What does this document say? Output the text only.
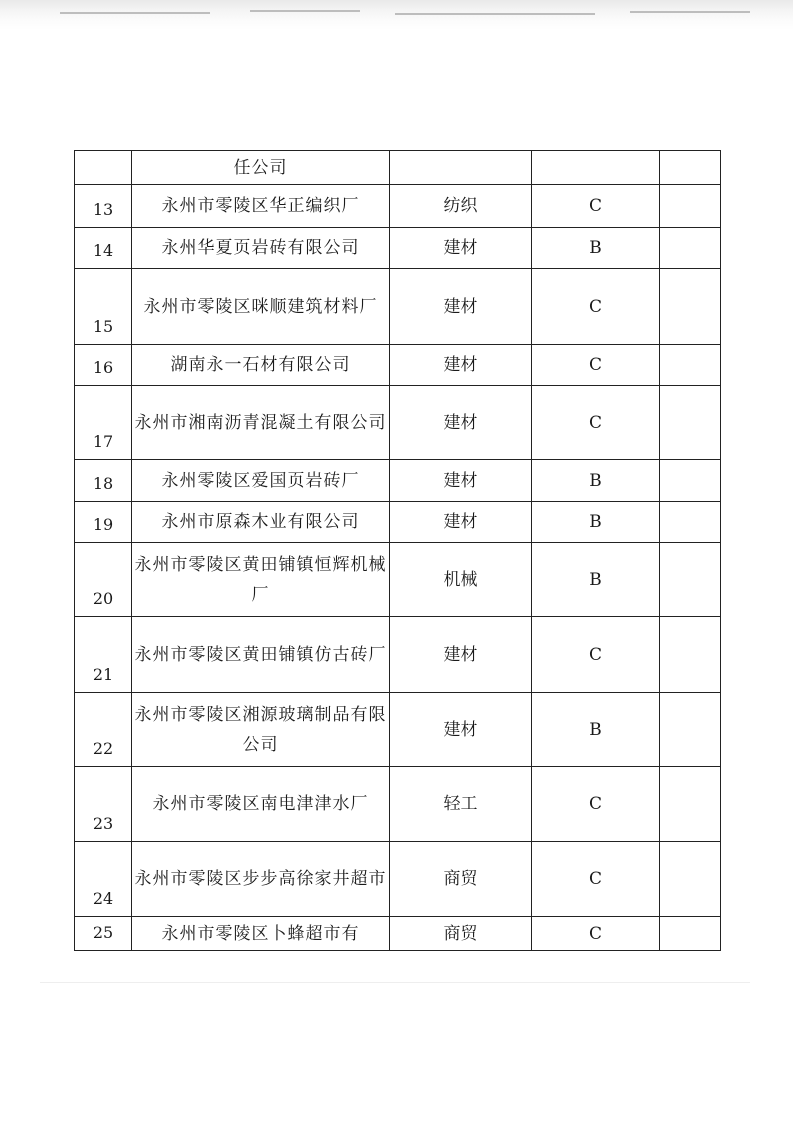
	任公司			
13	永州市零陵区华正编织厂	纺织	C	
14	永州华夏页岩砖有限公司	建材	B	
15	永州市零陵区咪顺建筑材料厂	建材	C	
16	湖南永一石材有限公司	建材	C	
17	永州市湘南沥青混凝土有限公司	建材	C	
18	永州零陵区爱国页岩砖厂	建材	B	
19	永州市原森木业有限公司	建材	B	
20	永州市零陵区黄田铺镇恒辉机械厂	机械	B	
21	永州市零陵区黄田铺镇仿古砖厂	建材	C	
22	永州市零陵区湘源玻璃制品有限公司	建材	B	
23	永州市零陵区南电津津水厂	轻工	C	
24	永州市零陵区步步高徐家井超市	商贸	C	
25	永州市零陵区卜蜂超市有	商贸	C	
